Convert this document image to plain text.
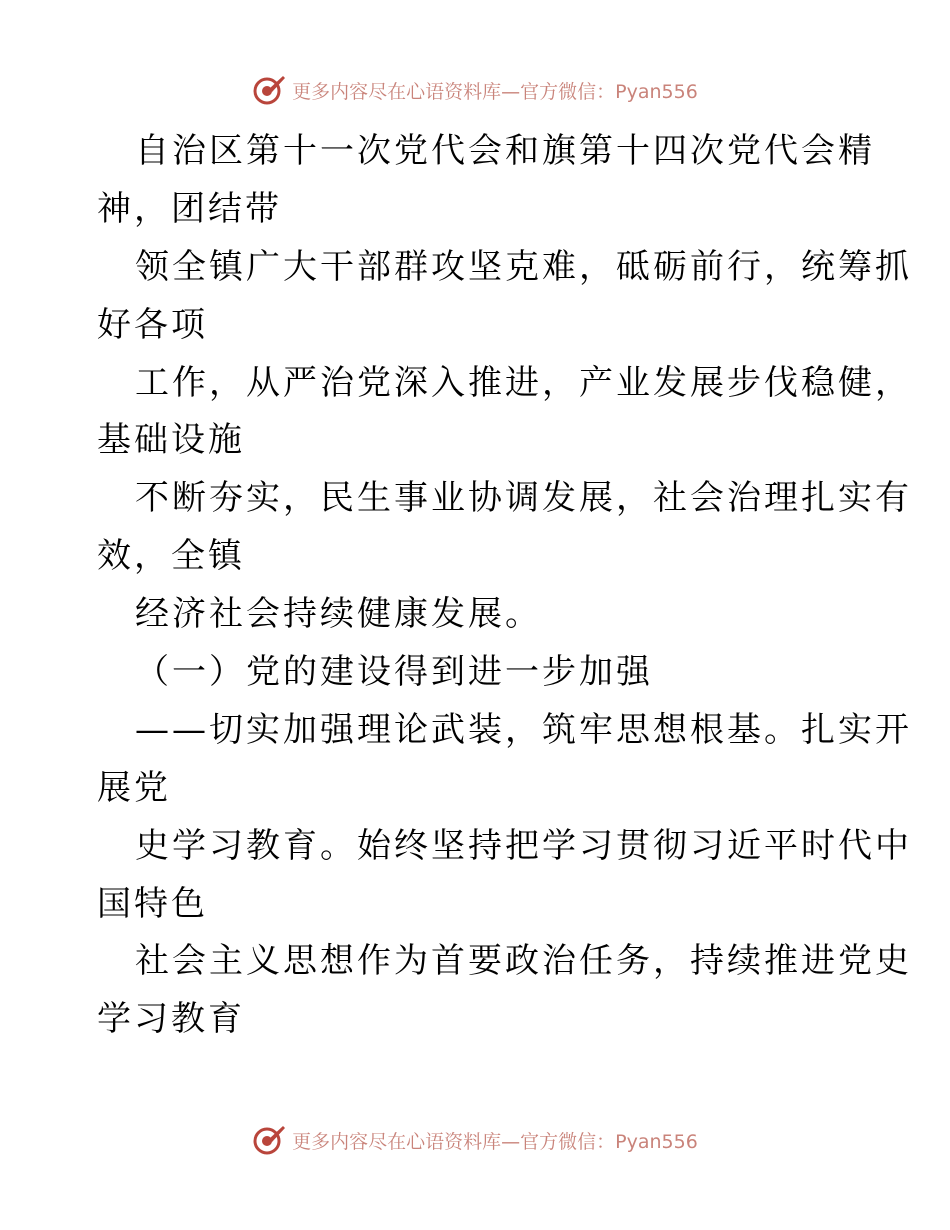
更多内容尽在心语资料库—官方微信：Pyan556
自治区第十一次党代会和旗第十四次党代会精
神，团结带
领全镇广大干部群攻坚克难，砥砺前行，统筹抓
好各项
工作，从严治党深入推进，产业发展步伐稳健，
基础设施
不断夯实，民生事业协调发展，社会治理扎实有
效，全镇
经济社会持续健康发展。
（一）党的建设得到进一步加强
——切实加强理论武装，筑牢思想根基。扎实开
展党
史学习教育。始终坚持把学习贯彻习近平时代中
国特色
社会主义思想作为首要政治任务，持续推进党史
学习教育
更多内容尽在心语资料库—官方微信：Pyan556
